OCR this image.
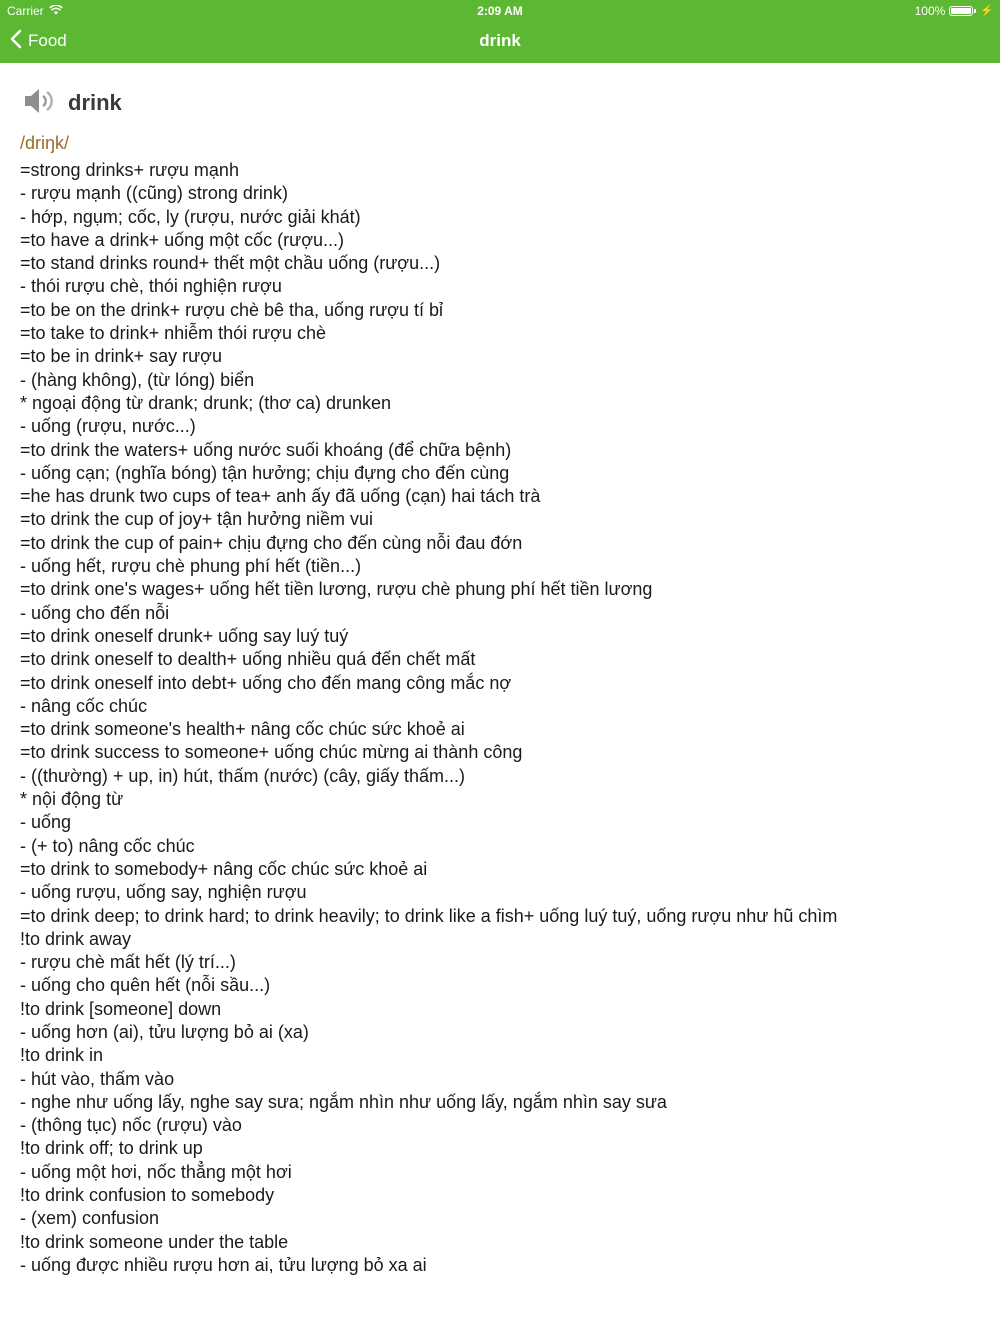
Carrier	2:09 AM	100%	⚡
Food	drink
drink
/driŋk/
=strong drinks+ rượu mạnh
- rượu mạnh ((cũng) strong drink)
- hớp, ngụm; cốc, ly (rượu, nước giải khát)
=to have a drink+ uống một cốc (rượu...)
=to stand drinks round+ thết một chầu uống (rượu...)
- thói rượu chè, thói nghiện rượu
=to be on the drink+ rượu chè bê tha, uống rượu tí bỉ
=to take to drink+ nhiễm thói rượu chè
=to be in drink+ say rượu
- (hàng không), (từ lóng) biển
* ngoại động từ drank; drunk; (thơ ca) drunken
- uống (rượu, nước...)
=to drink the waters+ uống nước suối khoáng (để chữa bệnh)
- uống cạn; (nghĩa bóng) tận hưởng; chịu đựng cho đến cùng
=he has drunk two cups of tea+ anh ấy đã uống (cạn) hai tách trà
=to drink the cup of joy+ tận hưởng niềm vui
=to drink the cup of pain+ chịu đựng cho đến cùng nỗi đau đớn
- uống hết, rượu chè phung phí hết (tiền...)
=to drink one's wages+ uống hết tiền lương, rượu chè phung phí hết tiền lương
- uống cho đến nỗi
=to drink oneself drunk+ uống say luý tuý
=to drink oneself to dealth+ uống nhiều quá đến chết mất
=to drink oneself into debt+ uống cho đến mang công mắc nợ
- nâng cốc chúc
=to drink someone's health+ nâng cốc chúc sức khoẻ ai
=to drink success to someone+ uống chúc mừng ai thành công
- ((thường) + up, in) hút, thấm (nước) (cây, giấy thấm...)
* nội động từ
- uống
- (+ to) nâng cốc chúc
=to drink to somebody+ nâng cốc chúc sức khoẻ ai
- uống rượu, uống say, nghiện rượu
=to drink deep; to drink hard; to drink heavily; to drink like a fish+ uống luý tuý, uống rượu như hũ chìm
!to drink away
- rượu chè mất hết (lý trí...)
- uống cho quên hết (nỗi sầu...)
!to drink [someone] down
- uống hơn (ai), tửu lượng bỏ ai (xa)
!to drink in
- hút vào, thấm vào
- nghe như uống lấy, nghe say sưa; ngắm nhìn như uống lấy, ngắm nhìn say sưa
- (thông tục) nốc (rượu) vào
!to drink off; to drink up
- uống một hơi, nốc thẳng một hơi
!to drink confusion to somebody
- (xem) confusion
!to drink someone under the table
- uống được nhiều rượu hơn ai, tửu lượng bỏ xa ai
